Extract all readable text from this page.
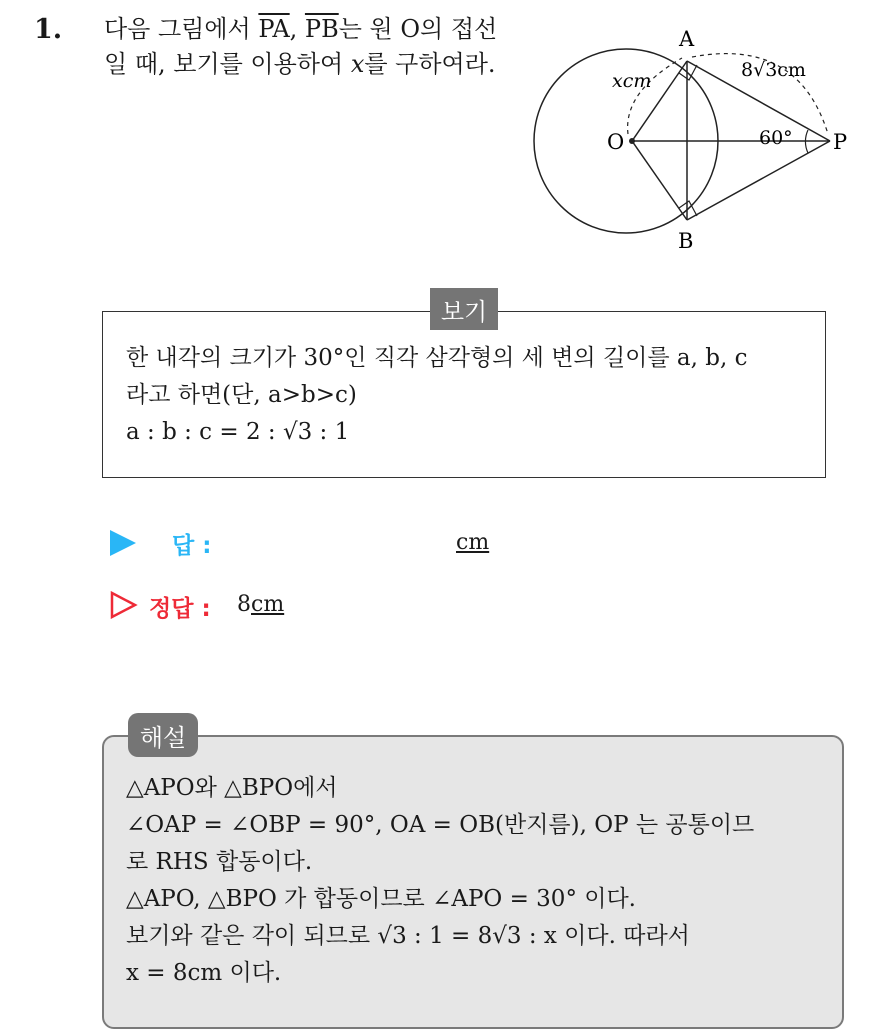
1. 다음 그림에서 $\overline{PA}$, $\overline{PB}$는 원 O의 접선일 때, 보기를 이용하여 x를 구하여라.
A
B
O	P
60°
xcm	8√3cm
보기
한 내각의 크기가 30°인 직각 삼각형의 세 변의 길이를 a, b, c
라고 하면(단, a>b>c)
a : b : c = 2 : √3 : 1
답 :	cm
정답 : 8cm
해설
△APO와 △BPO에서
∠OAP = ∠OBP = 90°, OA = OB(반지름), OP 는 공통이므
로 RHS 합동이다.
△APO, △BPO 가 합동이므로 ∠APO = 30° 이다.
보기와 같은 각이 되므로 √3 : 1 = 8√3 : x 이다. 따라서
x = 8cm 이다.
